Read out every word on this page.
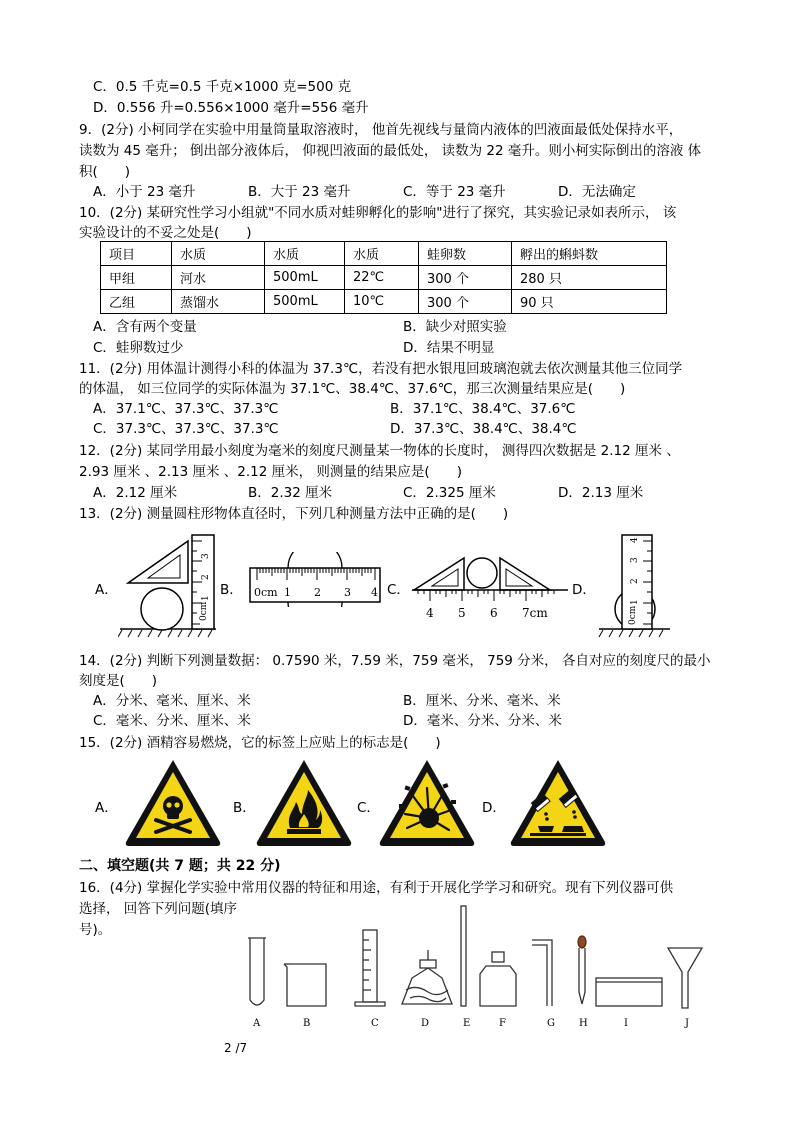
C．0.5 千克=0.5 千克×1000 克=500 克
D．0.556 升=0.556×1000 毫升=556 毫升
9．(2分) 小柯同学在实验中用量筒量取溶液时， 他首先视线与量筒内液体的凹液面最低处保持水平，
读数为 45 毫升； 倒出部分液体后， 仰视凹液面的最低处， 读数为 22 毫升。则小柯实际倒出的溶液 体
积(　　)
A．小于 23 毫升	B．大于 23 毫升	C．等于 23 毫升	D．无法确定
10．(2分) 某研究性学习小组就"不同水质对蛙卵孵化的影响"进行了探究，其实验记录如表所示， 该
实验设计的不妥之处是(　　)
项目	水质	水质	水质	蛙卵数	孵出的蝌蚪数
甲组	河水	500mL	22℃	300 个	280 只
乙组	蒸馏水	500mL	10℃	300 个	90 只
A．含有两个变量	B．缺少对照实验
C．蛙卵数过少	D．结果不明显
11．(2分) 用体温计测得小科的体温为 37.3℃，若没有把水银甩回玻璃泡就去依次测量其他三位同学
的体温， 如三位同学的实际体温为 37.1℃、38.4℃、37.6℃，那三次测量结果应是(　　)
A．37.1℃、37.3℃、37.3℃	B．37.1℃、38.4℃、37.6℃
C．37.3℃、37.3℃、37.3℃	D．37.3℃、38.4℃、38.4℃
12．(2分) 某同学用最小刻度为毫米的刻度尺测量某一物体的长度时， 测得四次数据是 2.12 厘米 、
2.93 厘米 、2.13 厘米 、2.12 厘米， 则测量的结果应是(　　)
A．2.12 厘米	B．2.32 厘米	C．2.325 厘米	D．2.13 厘米
13．(2分) 测量圆柱形物体直径时，下列几种测量方法中正确的是(　　)
A．	B．	C．	D．
0cm
1
2
3
0cm 1 2 3 4
4 5 6 7cm	0cm
1
2
3
4
14．(2分) 判断下列测量数据： 0.7590 米，7.59 米，759 毫米， 759 分米， 各自对应的刻度尺的最小
刻度是(　　)
A．分米、毫米、厘米、米	B．厘米、分米、毫米、米
C．毫米、分米、厘米、米	D．毫米、分米、分米、米
15．(2分) 酒精容易燃烧，它的标签上应贴上的标志是(　　)
A．	B．	C．	D．
二、填空题(共 7 题；共 22 分)
16．(4分) 掌握化学实验中常用仪器的特征和用途，有利于开展化学学习和研究。现有下列仪器可供
选择， 回答下列问题(填序
号)。
A	B	C	D	E	F	G H	I	J
2 /7
